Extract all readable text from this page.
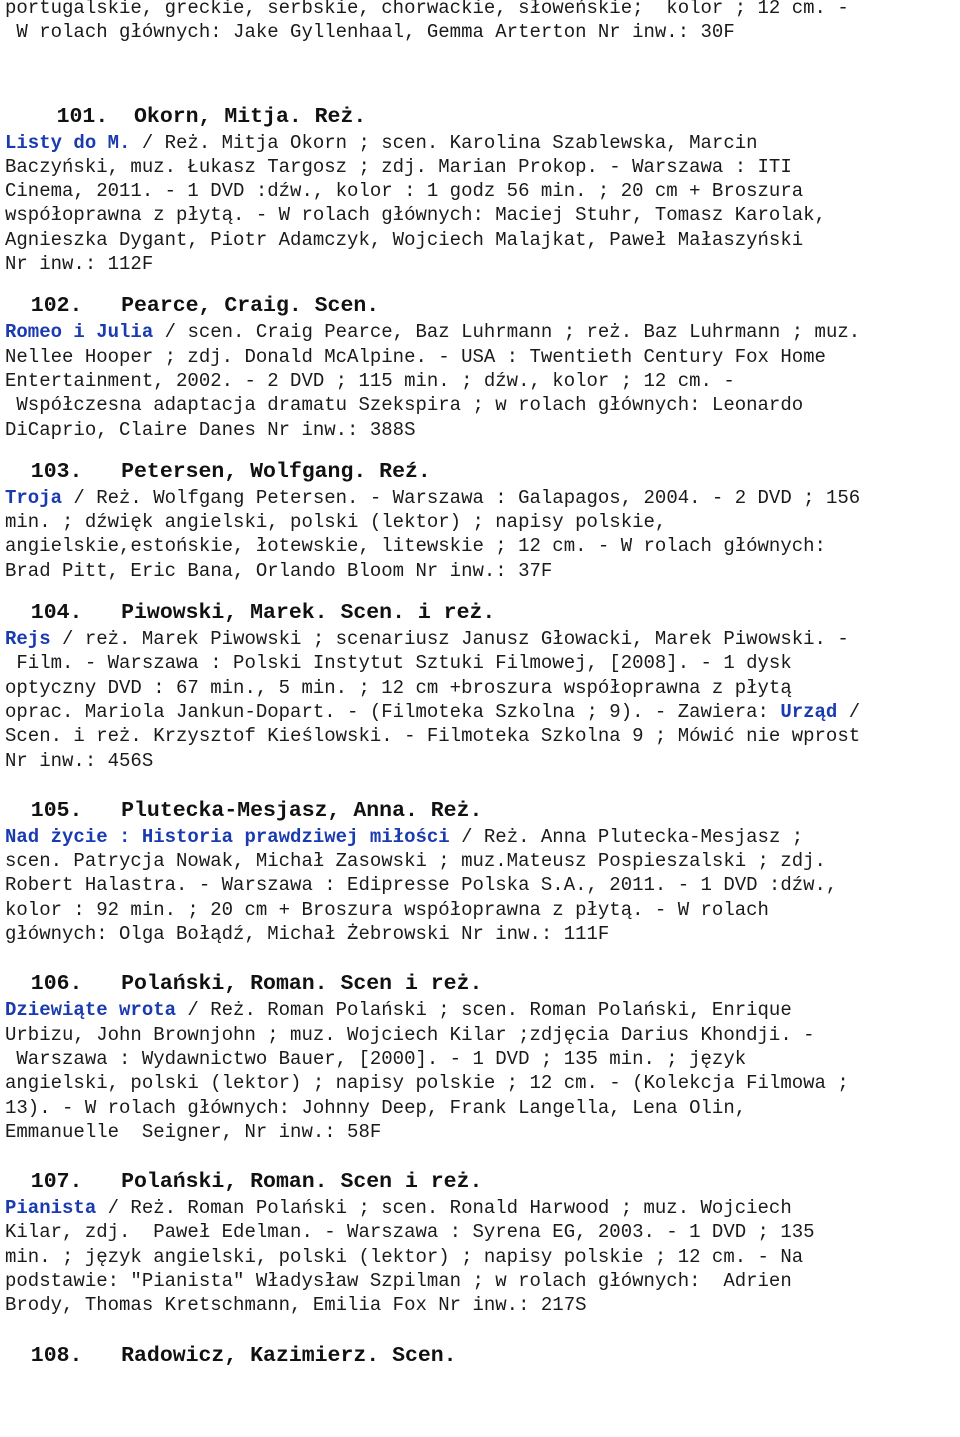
portugalskie, greckie, serbskie, chorwackie, słoweńskie;  kolor ; 12 cm. -
W rolach głównych: Jake Gyllenhaal, Gemma Arterton Nr inw.: 30F
101.  Okorn, Mitja. Reż.
Listy do M. / Reż. Mitja Okorn ; scen. Karolina Szablewska, Marcin
Baczyński, muz. Łukasz Targosz ; zdj. Marian Prokop. - Warszawa : ITI
Cinema, 2011. - 1 DVD :dźw., kolor : 1 godz 56 min. ; 20 cm + Broszura
współoprawna z płytą. - W rolach głównych: Maciej Stuhr, Tomasz Karolak,
Agnieszka Dygant, Piotr Adamczyk, Wojciech Malajkat, Paweł Małaszyński
Nr inw.: 112F
102.   Pearce, Craig. Scen.
Romeo i Julia / scen. Craig Pearce, Baz Luhrmann ; reż. Baz Luhrmann ; muz.
Nellee Hooper ; zdj. Donald McAlpine. - USA : Twentieth Century Fox Home
Entertainment, 2002. - 2 DVD ; 115 min. ; dźw., kolor ; 12 cm. -
Współczesna adaptacja dramatu Szekspira ; w rolach głównych: Leonardo
DiCaprio, Claire Danes Nr inw.: 388S
103.   Petersen, Wolfgang. Reź.
Troja / Reż. Wolfgang Petersen. - Warszawa : Galapagos, 2004. - 2 DVD ; 156
min. ; dźwięk angielski, polski (lektor) ; napisy polskie,
angielskie,estońskie, łotewskie, litewskie ; 12 cm. - W rolach głównych:
Brad Pitt, Eric Bana, Orlando Bloom Nr inw.: 37F
104.   Piwowski, Marek. Scen. i reż.
Rejs / reż. Marek Piwowski ; scenariusz Janusz Głowacki, Marek Piwowski. -
Film. - Warszawa : Polski Instytut Sztuki Filmowej, [2008]. - 1 dysk
optyczny DVD : 67 min., 5 min. ; 12 cm +broszura współoprawna z płytą
oprac. Mariola Jankun-Dopart. - (Filmoteka Szkolna ; 9). - Zawiera: Urząd /
Scen. i reż. Krzysztof Kieślowski. - Filmoteka Szkolna 9 ; Mówić nie wprost
Nr inw.: 456S
105.   Plutecka-Mesjasz, Anna. Reż.
Nad życie : Historia prawdziwej miłości / Reż. Anna Plutecka-Mesjasz ;
scen. Patrycja Nowak, Michał Zasowski ; muz.Mateusz Pospieszalski ; zdj.
Robert Halastra. - Warszawa : Edipresse Polska S.A., 2011. - 1 DVD :dźw.,
kolor : 92 min. ; 20 cm + Broszura współoprawna z płytą. - W rolach
głównych: Olga Bołądź, Michał Żebrowski Nr inw.: 111F
106.   Polański, Roman. Scen i reż.
Dziewiąte wrota / Reż. Roman Polański ; scen. Roman Polański, Enrique
Urbizu, John Brownjohn ; muz. Wojciech Kilar ;zdjęcia Darius Khondji. -
Warszawa : Wydawnictwo Bauer, [2000]. - 1 DVD ; 135 min. ; język
angielski, polski (lektor) ; napisy polskie ; 12 cm. - (Kolekcja Filmowa ;
13). - W rolach głównych: Johnny Deep, Frank Langella, Lena Olin,
Emmanuelle  Seigner, Nr inw.: 58F
107.   Polański, Roman. Scen i reż.
Pianista / Reż. Roman Polański ; scen. Ronald Harwood ; muz. Wojciech
Kilar, zdj.  Paweł Edelman. - Warszawa : Syrena EG, 2003. - 1 DVD ; 135
min. ; język angielski, polski (lektor) ; napisy polskie ; 12 cm. - Na
podstawie: "Pianista" Władysław Szpilman ; w rolach głównych:  Adrien
Brody, Thomas Kretschmann, Emilia Fox Nr inw.: 217S
108.   Radowicz, Kazimierz. Scen.
